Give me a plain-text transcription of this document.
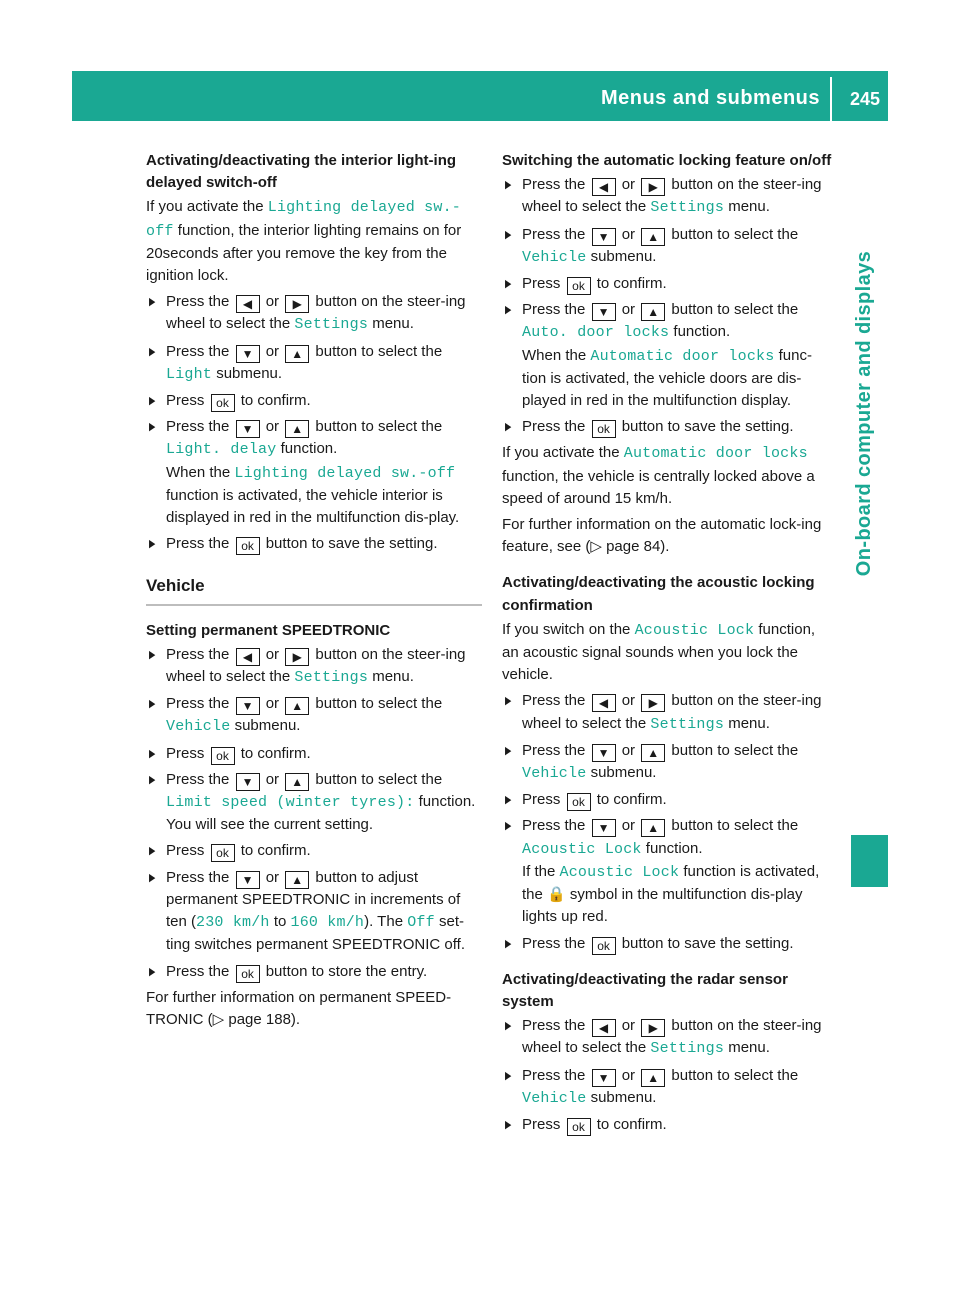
Menus and submenus 245
On-board computer and displays
Activating/deactivating the interior light-ing delayed switch-off
If you activate the Lighting delayed sw.-off function, the interior lighting remains on for 20seconds after you remove the key from the ignition lock.
▶ Press the ◀ or ▶ button on the steer-ing wheel to select the Settings menu.
▶ Press the ▼ or ▲ button to select the Light submenu.
▶ Press ok to confirm.
▶ Press the ▼ or ▲ button to select the Light. delay function.
When the Lighting delayed sw.-off function is activated, the vehicle interior is displayed in red in the multifunction dis-play.
▶ Press the ok button to save the setting.
Vehicle
Setting permanent SPEEDTRONIC
▶ Press the ◀ or ▶ button on the steer-ing wheel to select the Settings menu.
▶ Press the ▼ or ▲ button to select the Vehicle submenu.
▶ Press ok to confirm.
▶ Press the ▼ or ▲ button to select the Limit speed (winter tyres): function.
You will see the current setting.
▶ Press ok to confirm.
▶ Press the ▼ or ▲ button to adjust permanent SPEEDTRONIC in increments of ten (230 km/h to 160 km/h). The Off set-ting switches permanent SPEEDTRONIC off.
▶ Press the ok button to store the entry.
For further information on permanent SPEED-TRONIC (▷ page 188).
Switching the automatic locking feature on/off
▶ Press the ◀ or ▶ button on the steer-ing wheel to select the Settings menu.
▶ Press the ▼ or ▲ button to select the Vehicle submenu.
▶ Press ok to confirm.
▶ Press the ▼ or ▲ button to select the Auto. door locks function.
When the Automatic door locks func-tion is activated, the vehicle doors are dis-played in red in the multifunction display.
▶ Press the ok button to save the setting.
If you activate the Automatic door locks function, the vehicle is centrally locked above a speed of around 15 km/h.
For further information on the automatic lock-ing feature, see (▷ page 84).
Activating/deactivating the acoustic locking confirmation
If you switch on the Acoustic Lock function, an acoustic signal sounds when you lock the vehicle.
▶ Press the ◀ or ▶ button on the steer-ing wheel to select the Settings menu.
▶ Press the ▼ or ▲ button to select the Vehicle submenu.
▶ Press ok to confirm.
▶ Press the ▼ or ▲ button to select the Acoustic Lock function.
If the Acoustic Lock function is activated, the 🔒 symbol in the multifunction dis-play lights up red.
▶ Press the ok button to save the setting.
Activating/deactivating the radar sensor system
▶ Press the ◀ or ▶ button on the steer-ing wheel to select the Settings menu.
▶ Press the ▼ or ▲ button to select the Vehicle submenu.
▶ Press ok to confirm.
